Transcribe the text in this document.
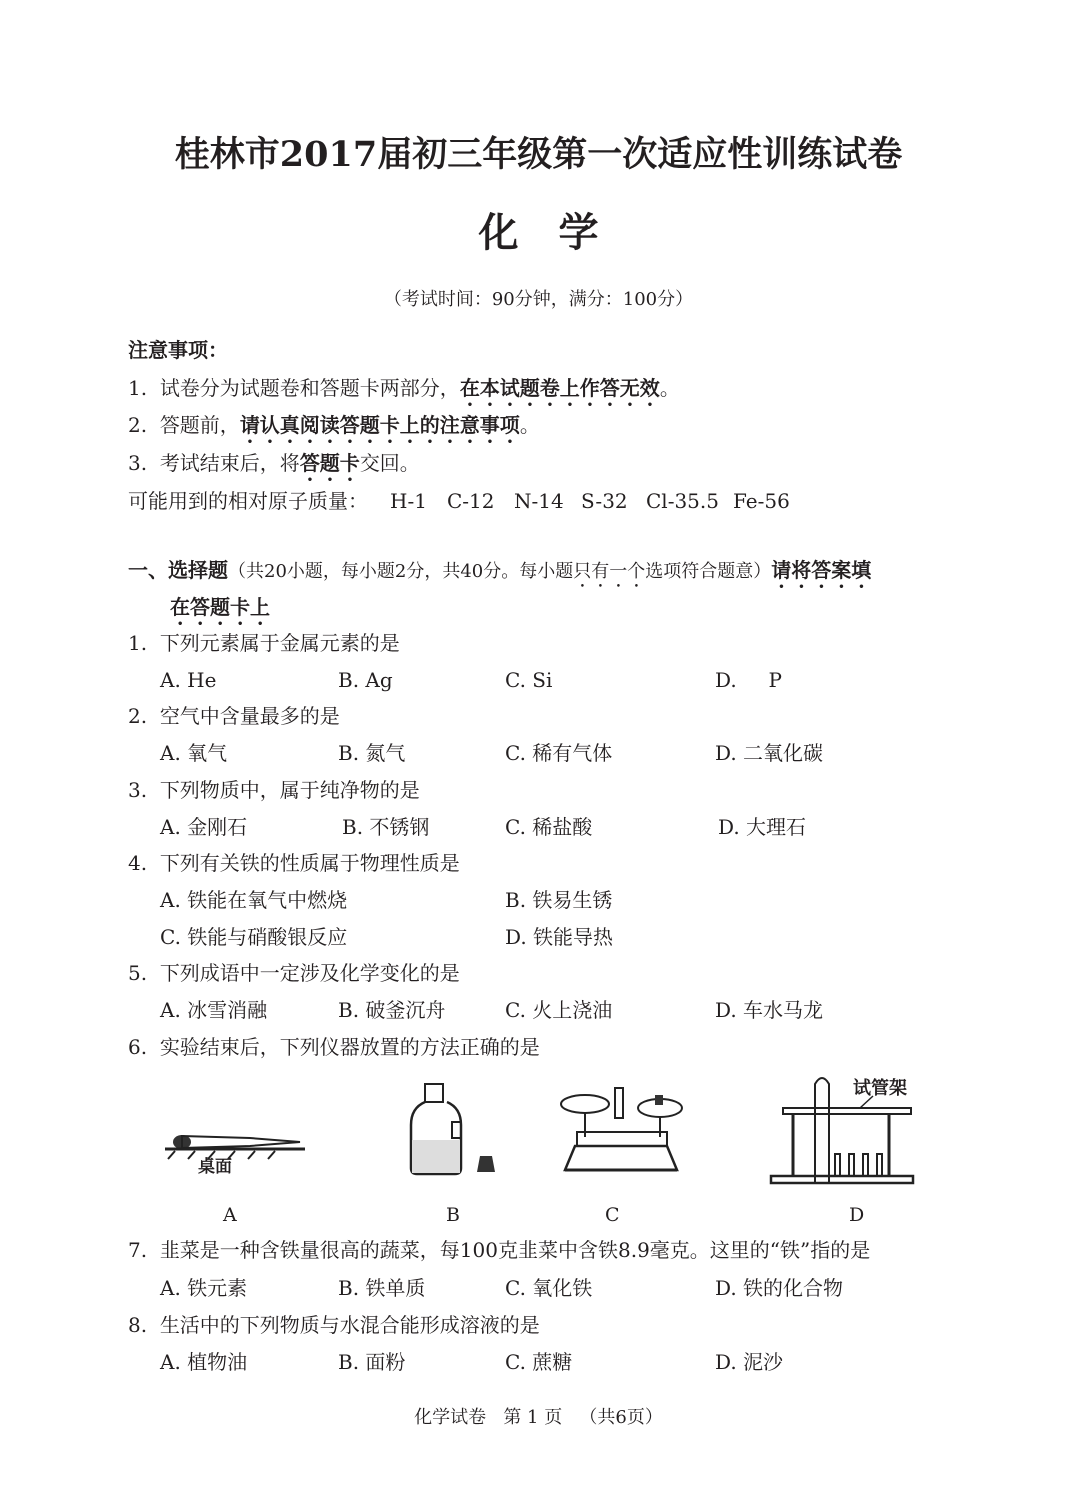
桂林市2017届初三年级第一次适应性训练试卷
化学
（考试时间：90分钟，满分：100分）
注意事项：
1. 试卷分为试题卷和答题卡两部分，在本试题卷上作答无效。
2. 答题前，请认真阅读答题卡上的注意事项。
3. 考试结束后，将答题卡交回。
可能用到的相对原子质量： H-1 C-12 N-14 S-32 Cl-35.5 Fe-56
一、选择题（共20小题，每小题2分，共40分。每小题只有一个选项符合题意）请将答案填
在答题卡上
1. 下列元素属于金属元素的是
A. He	B. Ag	C. Si	D.     P
2. 空气中含量最多的是
A. 氧气	B. 氮气	C. 稀有气体	D. 二氧化碳
3. 下列物质中，属于纯净物的是
A. 金刚石	B. 不锈钢	C. 稀盐酸	D. 大理石
4. 下列有关铁的性质属于物理性质是
A. 铁能在氧气中燃烧	B. 铁易生锈
C. 铁能与硝酸银反应	D. 铁能导热
5. 下列成语中一定涉及化学变化的是
A. 冰雪消融	B. 破釜沉舟	C. 火上浇油	D. 车水马龙
6. 实验结束后，下列仪器放置的方法正确的是
桌面
试管架
A	B	C	D
7. 韭菜是一种含铁量很高的蔬菜，每100克韭菜中含铁8.9毫克。这里的“铁”指的是
A. 铁元素	B. 铁单质	C. 氧化铁	D. 铁的化合物
8. 生活中的下列物质与水混合能形成溶液的是
A. 植物油	B. 面粉	C. 蔗糖	D. 泥沙
化学试卷   第 1 页   （共6页）
